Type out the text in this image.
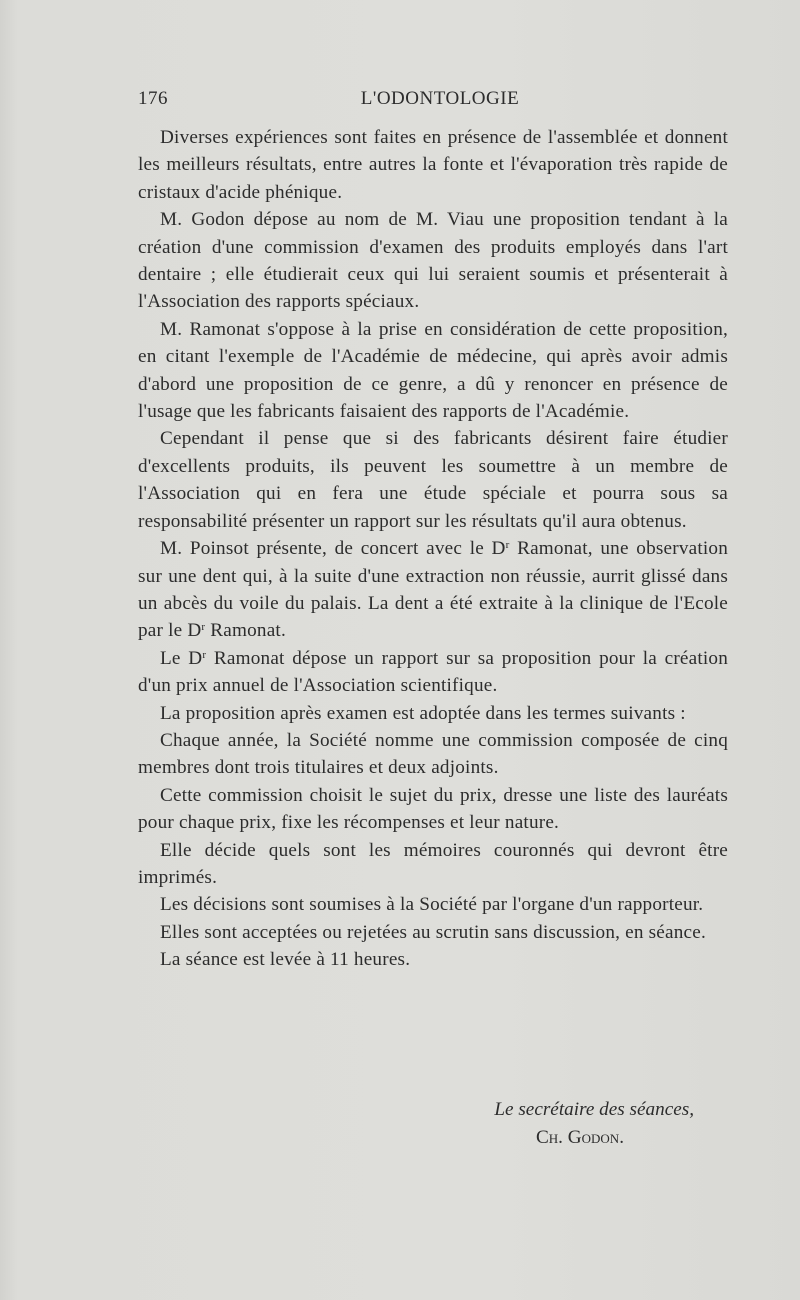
176	L'ODONTOLOGIE

Diverses expériences sont faites en présence de l'assemblée et donnent les meilleurs résultats, entre autres la fonte et l'évaporation très rapide de cristaux d'acide phénique.

M. Godon dépose au nom de M. Viau une proposition tendant à la création d'une commission d'examen des produits employés dans l'art dentaire ; elle étudierait ceux qui lui seraient soumis et présenterait à l'Association des rapports spéciaux.

M. Ramonat s'oppose à la prise en considération de cette proposition, en citant l'exemple de l'Académie de médecine, qui après avoir admis d'abord une proposition de ce genre, a dû y renoncer en présence de l'usage que les fabricants faisaient des rapports de l'Académie.

Cependant il pense que si des fabricants désirent faire étudier d'excellents produits, ils peuvent les soumettre à un membre de l'Association qui en fera une étude spéciale et pourra sous sa responsabilité présenter un rapport sur les résultats qu'il aura obtenus.

M. Poinsot présente, de concert avec le $D^r$ Ramonat, une observation sur une dent qui, à la suite d'une extraction non réussie, aurrit glissé dans un abcès du voile du palais. La dent a été extraite à la clinique de l'Ecole par le $D^r$ Ramonat.

Le $D^r$ Ramonat dépose un rapport sur sa proposition pour la création d'un prix annuel de l'Association scientifique.

La proposition après examen est adoptée dans les termes suivants :

Chaque année, la Société nomme une commission composée de cinq membres dont trois titulaires et deux adjoints.

Cette commission choisit le sujet du prix, dresse une liste des lauréats pour chaque prix, fixe les récompenses et leur nature.

Elle décide quels sont les mémoires couronnés qui devront être imprimés.

Les décisions sont soumises à la Société par l'organe d'un rapporteur.

Elles sont acceptées ou rejetées au scrutin sans discussion, en séance.

La séance est levée à 11 heures.

Le secrétaire des séances,
Ch. Godon.
